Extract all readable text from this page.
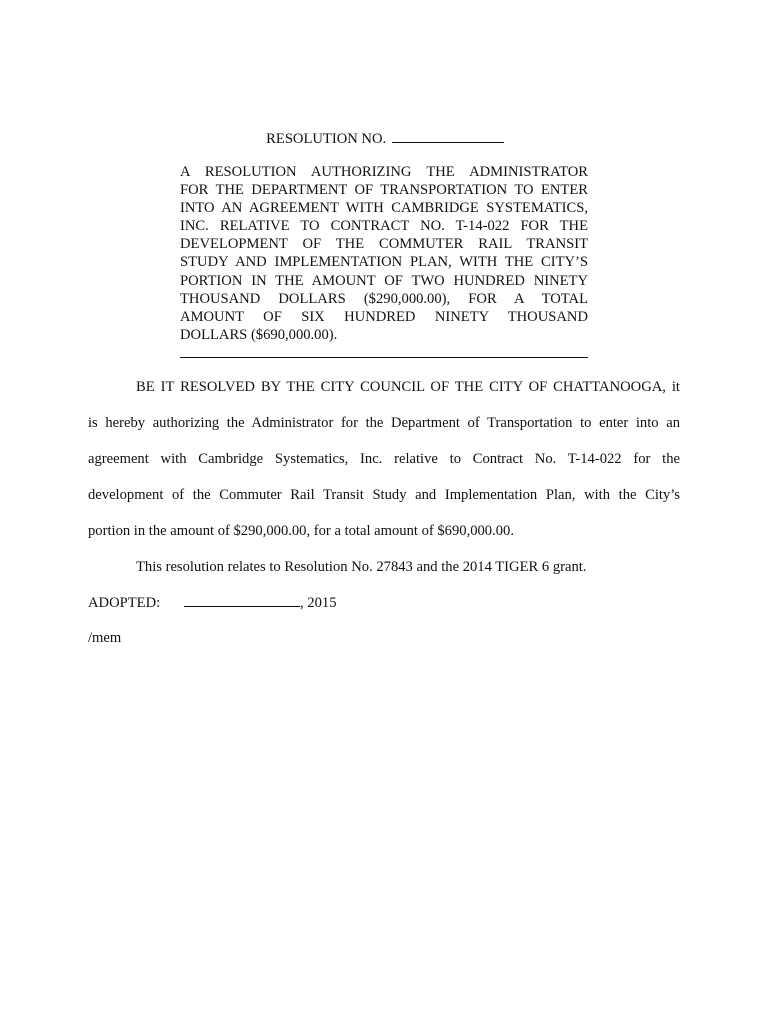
RESOLUTION NO.
A RESOLUTION AUTHORIZING THE ADMINISTRATOR
FOR THE DEPARTMENT OF TRANSPORTATION TO ENTER
INTO AN AGREEMENT WITH CAMBRIDGE SYSTEMATICS,
INC. RELATIVE TO CONTRACT NO. T-14-022 FOR THE
DEVELOPMENT OF THE COMMUTER RAIL TRANSIT
STUDY AND IMPLEMENTATION PLAN, WITH THE CITY’S
PORTION IN THE AMOUNT OF TWO HUNDRED NINETY
THOUSAND DOLLARS ($290,000.00), FOR A TOTAL
AMOUNT OF SIX HUNDRED NINETY THOUSAND
DOLLARS ($690,000.00).
BE IT RESOLVED BY THE CITY COUNCIL OF THE CITY OF CHATTANOOGA, it
is hereby authorizing the Administrator for the Department of Transportation to enter into an
agreement with Cambridge Systematics, Inc. relative to Contract No. T-14-022 for the
development of the Commuter Rail Transit Study and Implementation Plan, with the City’s
portion in the amount of $290,000.00, for a total amount of $690,000.00.
This resolution relates to Resolution No. 27843 and the 2014 TIGER 6 grant.
ADOPTED:	, 2015
/mem
